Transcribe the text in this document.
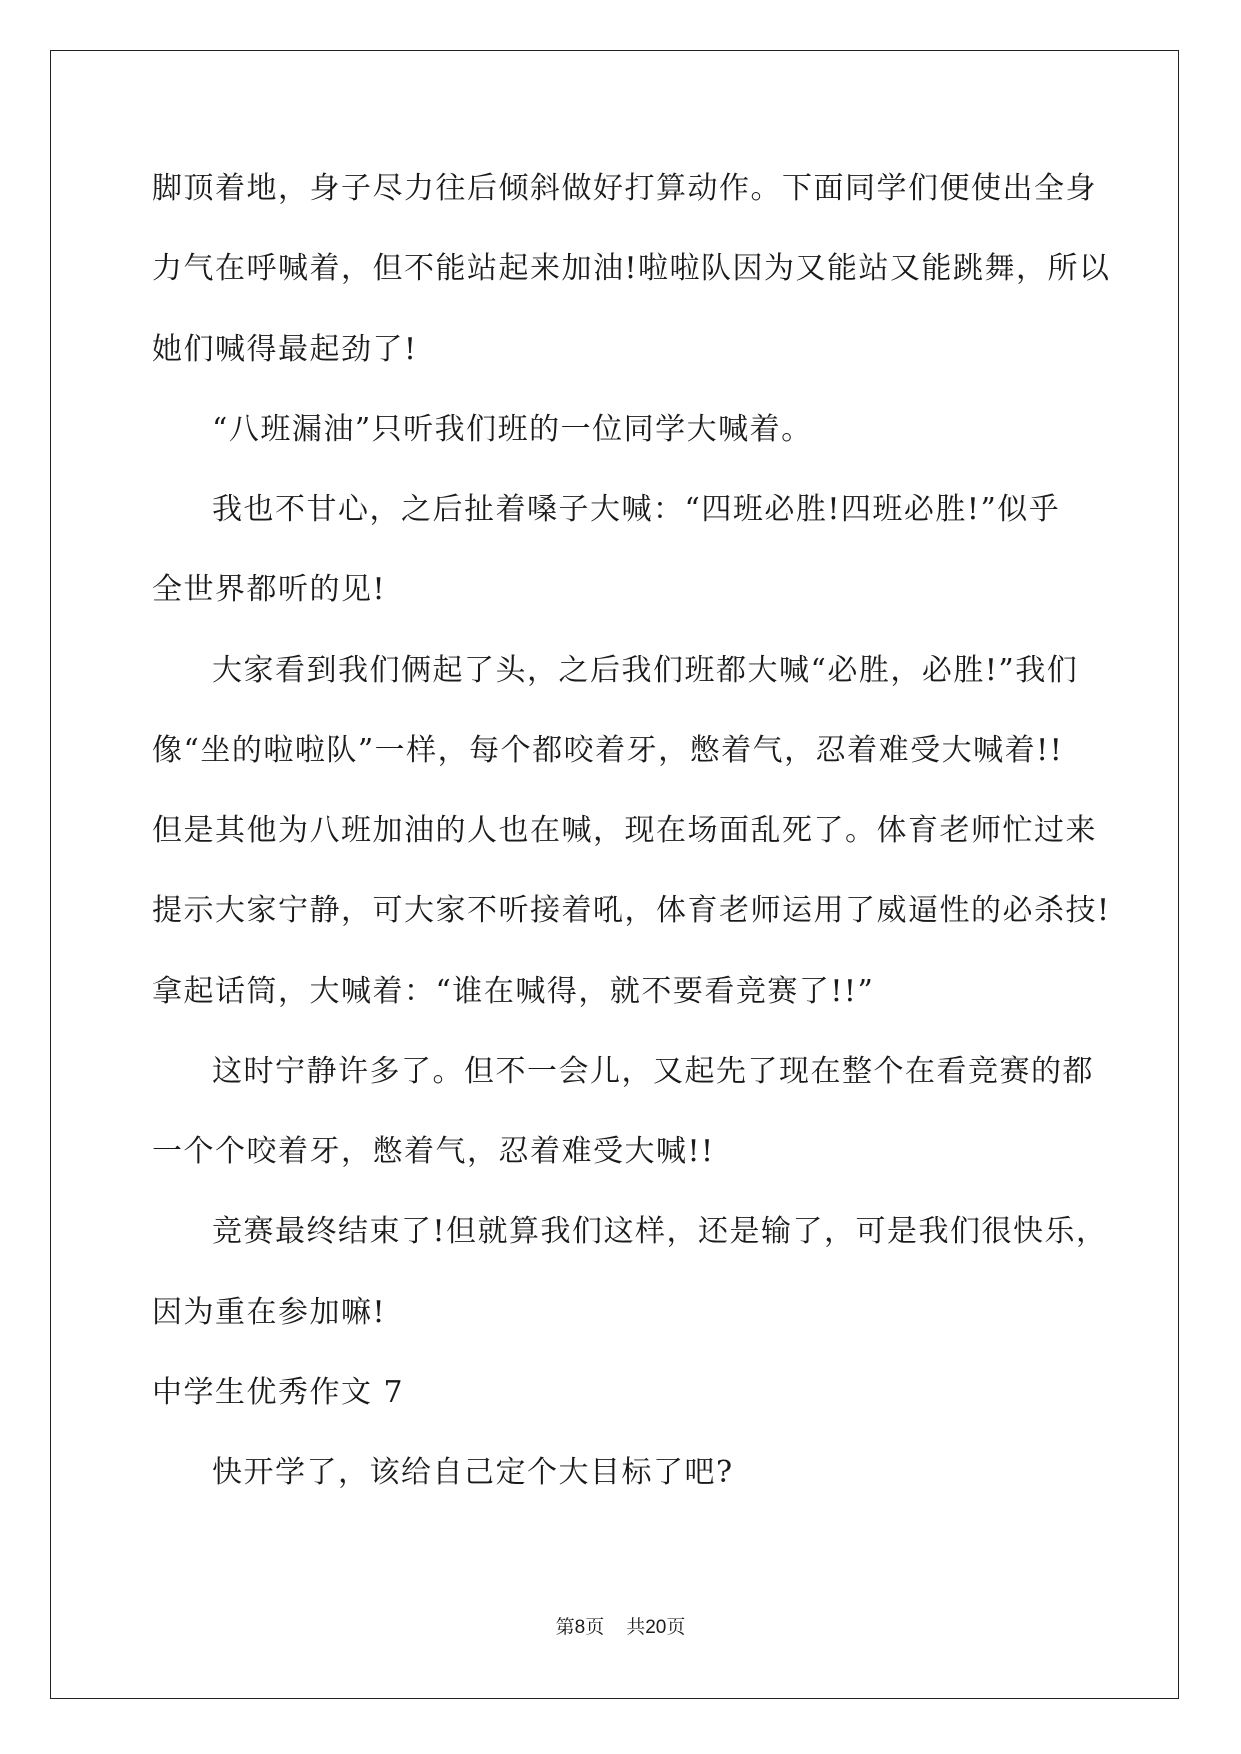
脚顶着地，身子尽力往后倾斜做好打算动作。下面同学们便使出全身
力气在呼喊着，但不能站起来加油!啦啦队因为又能站又能跳舞，所以
她们喊得最起劲了!
“八班漏油”只听我们班的一位同学大喊着。
我也不甘心，之后扯着嗓子大喊：“四班必胜!四班必胜!”似乎
全世界都听的见!
大家看到我们俩起了头，之后我们班都大喊“必胜，必胜!”我们
像“坐的啦啦队”一样，每个都咬着牙，憋着气，忍着难受大喊着!!
但是其他为八班加油的人也在喊，现在场面乱死了。体育老师忙过来
提示大家宁静，可大家不听接着吼，体育老师运用了威逼性的必杀技!
拿起话筒，大喊着：“谁在喊得，就不要看竞赛了!!”
这时宁静许多了。但不一会儿，又起先了现在整个在看竞赛的都
一个个咬着牙，憋着气，忍着难受大喊!!
竞赛最终结束了!但就算我们这样，还是输了，可是我们很快乐，
因为重在参加嘛!
中学生优秀作文 7
快开学了，该给自己定个大目标了吧?
第8页 共20页
